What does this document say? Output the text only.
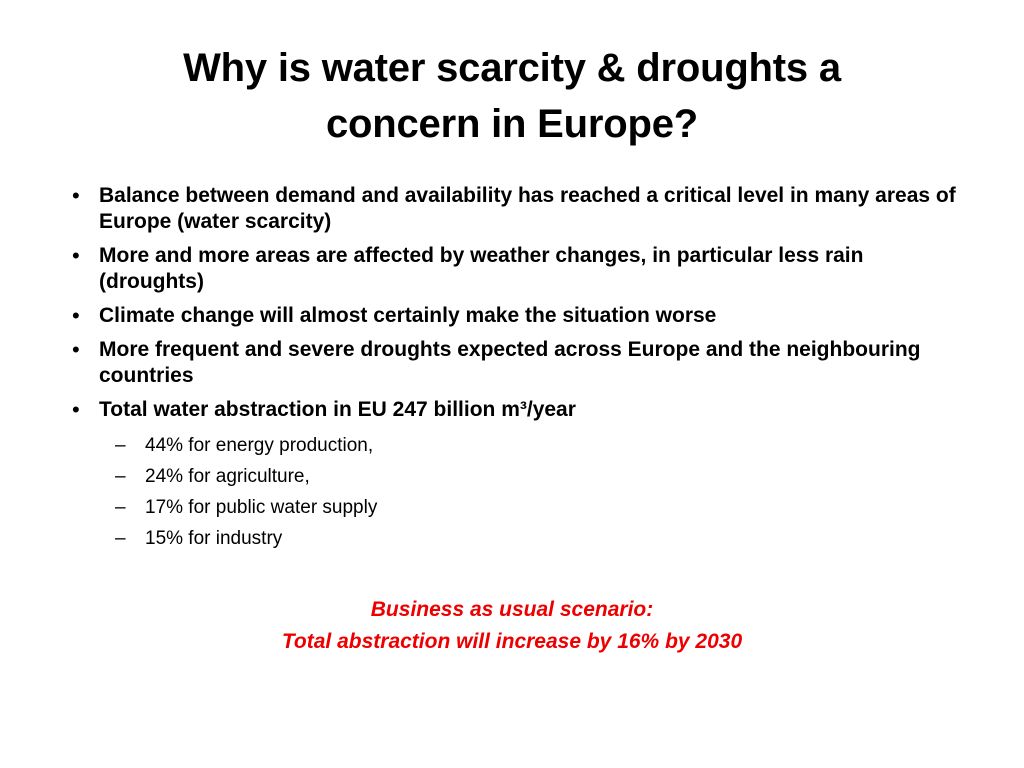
Why is water scarcity & droughts a
concern in Europe?
• Balance between demand and availability has reached a critical level in many areas of Europe (water scarcity)
• More and more areas are affected by weather changes, in particular less rain (droughts)
• Climate change will almost certainly make the situation worse
• More frequent and severe droughts expected across Europe and the neighbouring countries
• Total water abstraction in EU 247 billion m³/year
– 44% for energy production,
– 24% for agriculture,
– 17% for public water supply
– 15% for industry
Business as usual scenario:
Total abstraction will increase by 16% by 2030
